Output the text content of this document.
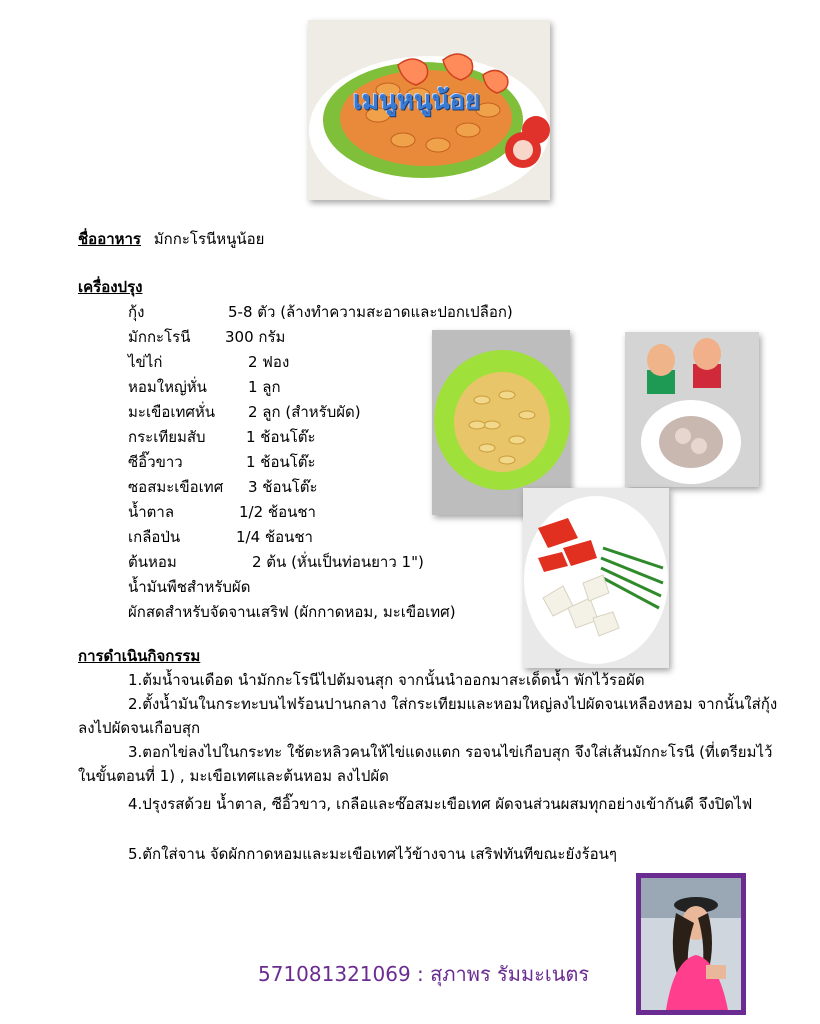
เมนูหนูน้อย
ชื่ออาหาร มักกะโรนีหนูน้อย
เครื่องปรุง
กุ้ง	5-8 ตัว (ล้างทำความสะอาดและปอกเปลือก)
มักกะโรนี 300 กรัม
ไข่ไก่	2 ฟอง
หอมใหญ่หั่น	1 ลูก
มะเขือเทศหั่น 2 ลูก (สำหรับผัด)
กระเทียมสับ	1 ช้อนโต๊ะ
ซีอิ๊วขาว	1 ช้อนโต๊ะ
ซอสมะเขือเทศ 3 ช้อนโต๊ะ
น้ำตาล	1/2 ช้อนชา
เกลือป่น	1/4 ช้อนชา
ต้นหอม	2 ต้น (หั่นเป็นท่อนยาว 1")
น้ำมันพืชสำหรับผัด
ผักสดสำหรับจัดจานเสริฟ (ผักกาดหอม, มะเขือเทศ)
การดำเนินกิจกรรม
1.ต้มน้ำจนเดือด นำมักกะโรนีไปต้มจนสุก จากนั้นนำออกมาสะเด็ดน้ำ พักไว้รอผัด
2.ตั้งน้ำมันในกระทะบนไฟร้อนปานกลาง ใส่กระเทียมและหอมใหญ่ลงไปผัดจนเหลืองหอม จากนั้นใส่กุ้งลงไปผัดจนเกือบสุก
3.ตอกไข่ลงไปในกระทะ ใช้ตะหลิวคนให้ไข่แดงแตก รอจนไข่เกือบสุก จึงใส่เส้นมักกะโรนี (ที่เตรียมไว้ในขั้นตอนที่ 1) , มะเขือเทศและต้นหอม ลงไปผัด
4.ปรุงรสด้วย น้ำตาล, ซีอิ๊วขาว, เกลือและซ๊อสมะเขือเทศ ผัดจนส่วนผสมทุกอย่างเข้ากันดี จึงปิดไฟ
5.ตักใส่จาน จัดผักกาดหอมและมะเขือเทศไว้ข้างจาน เสริฟทันทีขณะยังร้อนๆ
571081321069 : สุภาพร รัมมะเนตร
